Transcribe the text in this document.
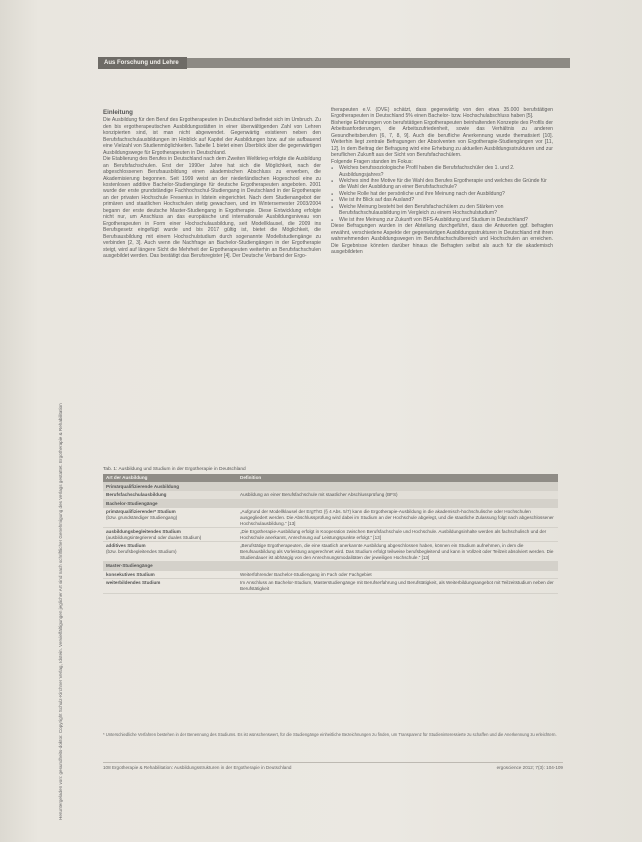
Aus Forschung und Lehre
Heruntergeladen von: gesundheits-doktor. Copyright Schulz-Kirchner Verlag, Idstein. Vervielfältigungen jeglicher Art sind nach schriftlicher Genehmigung des Verlags gestattet. Ergotherapie & Rehabilitation
Einleitung

Die Ausbildung für den Beruf des Ergotherapeuten in Deutschland befindet sich im Umbruch. Zu den bis ergotherapeutischen Ausbildungsstätten in einer überwältigenden Zahl von Lehren konzipierten sind, ist man nicht abgewendet. Gegenwärtig existieren neben den Berufsfachschulausbildungen im Hinblick auf Kapitel der Ausbildungen bzw. auf sie aufbauend eine Vielzahl von Studienmöglichkeiten. Tabelle 1 bietet einen Überblick über die gegenwärtigen Ausbildungswege für Ergotherapeuten in Deutschland.

Die Etablierung des Berufes in Deutschland nach dem Zweiten Weltkrieg erfolgte die Ausbildung an Berufsfachschulen. Erst der 1990er Jahre hat sich die Möglichkeit, nach der abgeschlossenen Berufsausbildung einen akademischen Abschluss zu erwerben, die Akademisierung begonnen. Seit 1999 weist an der niederländischen Hogeschool eine zu kostenlosen additive Bachelor-Studiengänge für deutsche Ergotherapeuten angeboten. 2001 wurde der erste grundständige Fachhochschul-Studiengang in Deutschland in der Ergotherapie an der privaten Hochschule Fresenius in Idstein eingerichtet. Nach dem Studienangebot der primären und staatlichen Hochschulen stetig gewachsen, und im Wintersemester 2003/2004 begann der erste deutsche Master-Studiengang in Ergotherapie. Diese Entwicklung erfolgte nicht nur, um Anschluss an das europäische und internationale Ausbildungsniveau von Ergotherapeuten in Form einer Hochschulausbildung, seit Modellklausel, die 2009 ins Berufsgesetz eingefügt wurde und bis 2017 gültig ist, bietet die Möglichkeit, die Berufsausbildung mit einem Hochschulstudium durch sogenannte Modellstudiengänge zu verbinden [2, 3]. Auch wenn die Nachfrage an Bachelor-Studiengängen in der Ergotherapie steigt, wird auf längere Sicht die Mehrheit der Ergotherapeuten weiterhin an Berufsfachschulen ausgebildet werden. Das bestätigt das Berufsregister [4]. Der Deutsche Verband der Ergo-

therapeuten e.V. (DVE) schätzt, dass gegenwärtig von den etwa 35.000 berufstätigen Ergotherapeuten in Deutschland 5% einen Bachelor- bzw. Hochschulabschluss haben [5].

Bisherige Erfahrungen von berufstätigen Ergotherapeuten beinhaltenden Konzepte des Profils der Arbeitsanforderungen, die Arbeitszufriedenheit, sowie das Verhältnis zu anderen Gesundheitsberufen [6, 7, 8, 9]. Auch die berufliche Anerkennung wurde thematisiert [10]. Weiterhin liegt zentrale Befragungen der Absolventen von Ergotherapie-Studiengängen vor [11, 12]. In dem Beitrag der Befragung wird eine Erhebung zu aktuellen Ausbildungsstrukturen und zur beruflichen Zukunft aus der Sicht von Berufsfachschülern.

Folgende Fragen standen im Fokus:

● Welches berufssoziologische Profil haben die Berufsfachschüler des 1. und 2. Ausbildungsjahres?
● Welches sind ihre Motive für die Wahl des Berufes Ergotherapie und welches die Gründe für die Wahl der Ausbildung an einer Berufsfachschule?
● Welche Rolle hat der persönliche und ihre Meinung nach der Ausbildung?
● Wie ist ihr Blick auf das Ausland?
● Welche Meinung besteht bei den Berufsfachschülern zu den Stärken von Berufsfachschulausbildung im Vergleich zu einem Hochschulstudium?
● Wie ist ihre Meinung zur Zukunft von BFS-Ausbildung und Studium in Deutschland?

Diese Befragungen wurden in der Abteilung durchgeführt, dass die Antworten ggf. befragten erwähnt, verschiedene Aspekte der gegenwärtigen Ausbildungsstrukturen in Deutschland mit ihren wahrnehmenden Ausbildungswegen im Berufsfachschulbereich und Hochschulen an erreichen. Die Ergebnisse könnten darüber hinaus die Befragten selbst als auch für die akademisch ausgebildeten

Tab. 1: Ausbildung und Studium in der Ergotherapie in Deutschland
Art der Ausbildung	Definition
Primärqualifizierende Ausbildung
Berufsfachschulausbildung	Ausbildung an einer Berufsfachschule mit staatlicher Abschlussprüfung (BFS)
Bachelor-Studiengänge
primärqualifizierender* Studium
(bzw. grundständiger Studiengang)
„Aufgrund der Modellklausel der ErgThG (§ 4 Abs. 5/7) kann die Ergotherapie-Ausbildung in die akademisch-hochschulische oder Hochschulen ausgegliedert werden. Die Abschlussprüfung wird dabei im Studium an der Hochschule abgelegt, und die staatliche Zulassung folgt nach abgeschlossener Hochschulausbildung.“ [13]
ausbildungsbegleitendes Studium
(ausbildungsintegrierend oder duales Studium)
„Die Ergotherapie-Ausbildung erfolgt in Kooperation zwischen Berufsfachschule und Hochschule. Ausbildungsinhalte werden als fachschulisch und der Hochschule anerkannt, Anrechnung auf Leistungspunkte erfolgt.“ [13]
additives Studium
(bzw. berufsbegleitendes Studium)
„Berufstätige Ergotherapeuten, die eine staatlich anerkannte Ausbildung abgeschlossen haben, können ein Studium aufnehmen, in dem die Berufsausbildung als Vorleistung angerechnet wird. Das Studium erfolgt teilweise berufsbegleitend und kann in Vollzeit oder Teilzeit absolviert werden. Die Studiendauer ist abhängig von den Anrechnungsmodalitäten der jeweiligen Hochschule.“ [13]
Master-Studiengänge
konsekutives Studium	Weiterführender Bachelor-Studiengang im Fach oder Fachgebiet
weiterbildendes Studium	Im Anschluss an Bachelor-Studium, Masterstudiengänge mit Berufserfahrung und Berufstätigkeit, als Weiterbildungsangebot mit Teilzeitstudium neben der Berufstätigkeit
* Unterschiedliche Verfahren bestehen in der Benennung des Studiums. Es ist wünschenswert, für die Studiengänge einheitliche Bezeichnungen zu finden, um Transparenz für Studieninteressierte zu schaffen und die Anerkennung zu erleichtern.
108 Ergotherapie & Rehabilitation: Ausbildungsstrukturen in der Ergotherapie in Deutschland	ergoscience 2012; 7(3): 104-109
